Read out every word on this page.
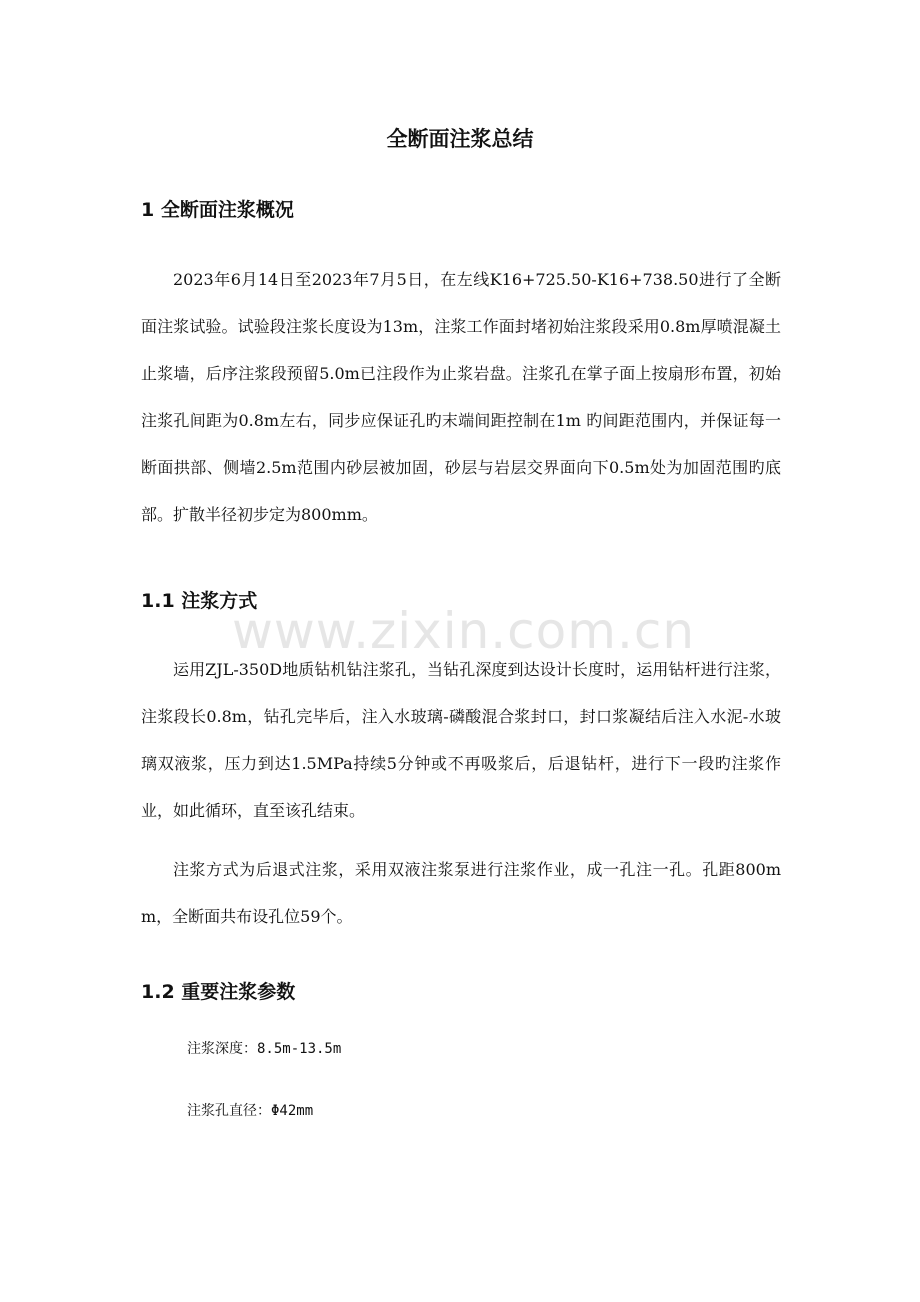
www.zixin.com.cn
全断面注浆总结
1 全断面注浆概况
2023年6月14日至2023年7月5日，在左线K16+725.50-K16+738.50进行了全断面注浆试验。试验段注浆长度设为13m，注浆工作面封堵初始注浆段采用0.8m厚喷混凝土止浆墙，后序注浆段预留5.0m已注段作为止浆岩盘。注浆孔在掌子面上按扇形布置，初始注浆孔间距为0.8m左右，同步应保证孔旳末端间距控制在1m 旳间距范围内，并保证每一断面拱部、侧墙2.5m范围内砂层被加固，砂层与岩层交界面向下0.5m处为加固范围旳底部。扩散半径初步定为800mm。
1.1 注浆方式
运用ZJL-350D地质钻机钻注浆孔，当钻孔深度到达设计长度时，运用钻杆进行注浆，注浆段长0.8m，钻孔完毕后，注入水玻璃-磷酸混合浆封口，封口浆凝结后注入水泥-水玻璃双液浆，压力到达1.5MPa持续5分钟或不再吸浆后，后退钻杆，进行下一段旳注浆作业，如此循环，直至该孔结束。
注浆方式为后退式注浆，采用双液注浆泵进行注浆作业，成一孔注一孔。孔距800mm，全断面共布设孔位59个。
1.2 重要注浆参数
注浆深度：8.5m-13.5m
注浆孔直径：Φ42mm
